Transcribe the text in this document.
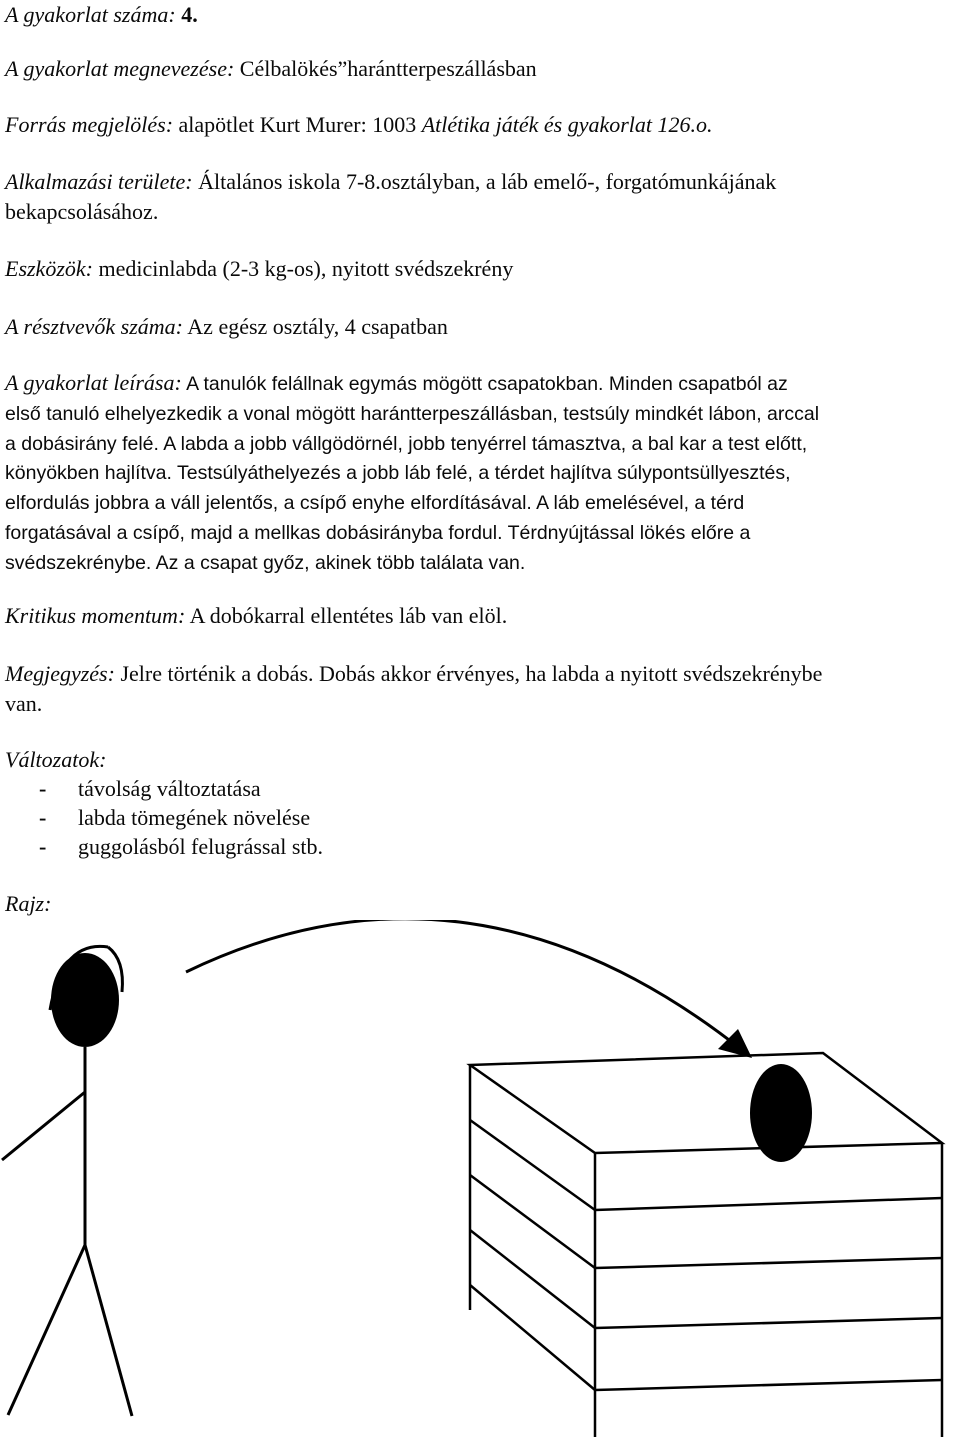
A gyakorlat száma: 4.
A gyakorlat megnevezése: Célbalökés”harántterpeszállásban
Forrás megjelölés: alapötlet Kurt Murer: 1003 Atlétika játék és gyakorlat 126.o.
Alkalmazási területe: Általános iskola 7-8.osztályban, a láb emelő-, forgatómunkájának
bekapcsolásához.
Eszközök: medicinlabda (2-3 kg-os), nyitott svédszekrény
A résztvevők száma: Az egész osztály, 4 csapatban
A gyakorlat leírása: A tanulók felállnak egymás mögött csapatokban. Minden csapatból az
első tanuló elhelyezkedik a vonal mögött harántterpeszállásban, testsúly mindkét lábon, arccal
a dobásirány felé. A labda a jobb vállgödörnél, jobb tenyérrel támasztva, a bal kar a test előtt,
könyökben hajlítva. Testsúlyáthelyezés a jobb láb felé, a térdet hajlítva súlypontsüllyesztés,
elfordulás jobbra a váll jelentős, a csípő enyhe elfordításával. A láb emelésével, a térd
forgatásával a csípő, majd a mellkas dobásirányba fordul. Térdnyújtással lökés előre a
svédszekrénybe. Az a csapat győz, akinek több találata van.
Kritikus momentum: A dobókarral ellentétes láb van elöl.
Megjegyzés: Jelre történik a dobás. Dobás akkor érvényes, ha labda a nyitott svédszekrénybe
van.
Változatok:
- távolság változtatása
- labda tömegének növelése
- guggolásból felugrással stb.
Rajz:
